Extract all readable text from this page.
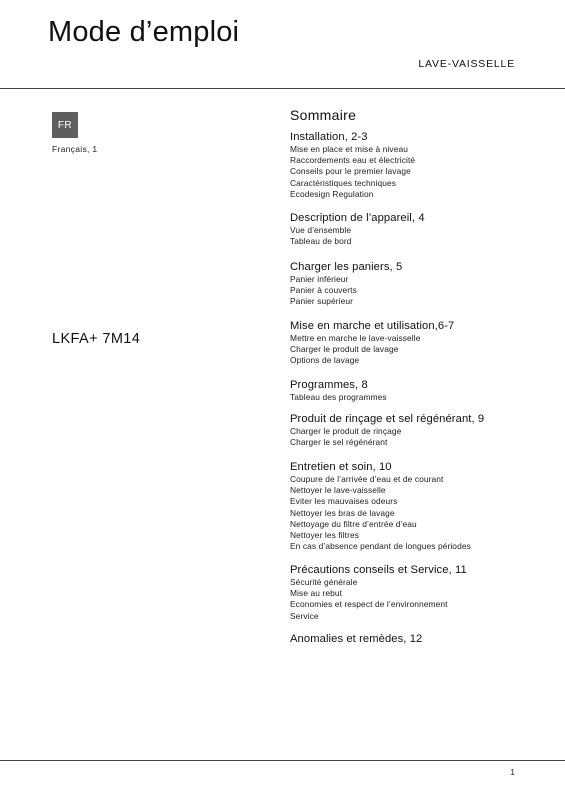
Mode d’emploi
LAVE-VAISSELLE
FR
Français, 1
LKFA+ 7M14
Sommaire
Installation, 2-3
Mise en place et mise à niveau
Raccordements eau et électricité
Conseils pour le premier lavage
Caractéristiques techniques
Ecodesign Regulation
Description de l’appareil, 4
Vue d’ensemble
Tableau de bord
Charger les paniers, 5
Panier inférieur
Panier à couverts
Panier supérieur
Mise en marche et utilisation,6-7
Mettre en marche le lave-vaisselle
Charger le produit de lavage
Options de lavage
Programmes, 8
Tableau des programmes
Produit de rinçage et sel régénérant, 9
Charger le produit de rinçage
Charger le sel régénérant
Entretien et soin, 10
Coupure de l’arrivée d’eau et de courant
Nettoyer le lave-vaisselle
Eviter les mauvaises odeurs
Nettoyer les bras de lavage
Nettoyage du filtre d’entrée d’eau
Nettoyer les filtres
En cas d’absence pendant de longues périodes
Précautions conseils et Service, 11
Sécurité générale
Mise au rebut
Economies et respect de l’environnement
Service
Anomalies et remèdes, 12
1
